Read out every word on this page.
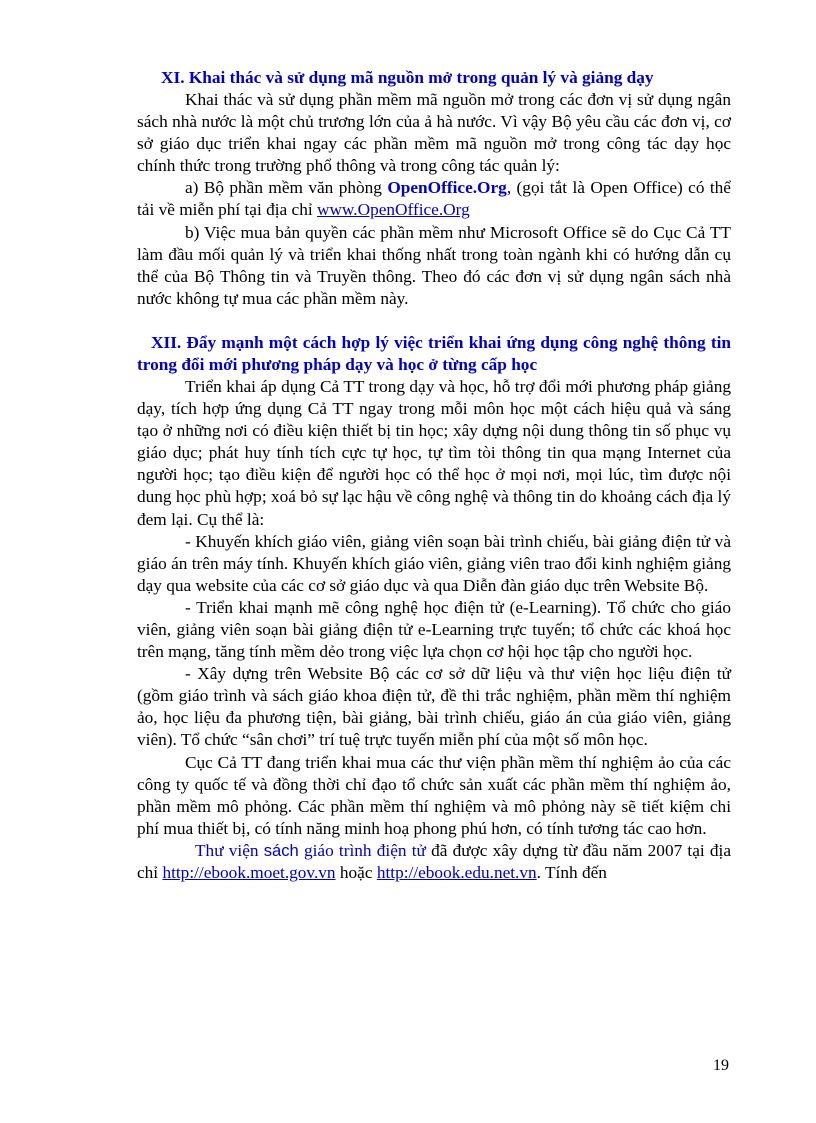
XI. Khai thác và sử dụng mã nguồn mở trong quản lý và giảng dạy

Khai thác và sử dụng phần mềm mã nguồn mở trong các đơn vị sử dụng ngân sách nhà nước là một chủ trương lớn của ả hà nước. Vì vậy Bộ yêu cầu các đơn vị, cơ sở giáo dục triển khai ngay các phần mềm mã nguồn mở trong công tác dạy học chính thức trong trường phổ thông và trong công tác quản lý:

a) Bộ phần mềm văn phòng OpenOffice.Org, (gọi tắt là Open Office) có thể tải về miễn phí tại địa chỉ www.OpenOffice.Org

b) Việc mua bản quyền các phần mềm như Microsoft Office sẽ do Cục Cả TT làm đầu mối quản lý và triển khai thống nhất trong toàn ngành khi có hướng dẫn cụ thể của Bộ Thông tin và Truyền thông. Theo đó các đơn vị sử dụng ngân sách nhà nước không tự mua các phần mềm này.

XII. Đẩy mạnh một cách hợp lý việc triển khai ứng dụng công nghệ thông tin trong đổi mới phương pháp dạy và học ở từng cấp học

Triển khai áp dụng Cả TT trong dạy và học, hỗ trợ đổi mới phương pháp giảng dạy, tích hợp ứng dụng Cả TT ngay trong mỗi môn học một cách hiệu quả và sáng tạo ở những nơi có điều kiện thiết bị tin học; xây dựng nội dung thông tin số phục vụ giáo dục; phát huy tính tích cực tự học, tự tìm tòi thông tin qua mạng Internet của người học; tạo điều kiện để người học có thể học ở mọi nơi, mọi lúc, tìm được nội dung học phù hợp; xoá bỏ sự lạc hậu về công nghệ và thông tin do khoảng cách địa lý đem lại. Cụ thể là:

- Khuyến khích giáo viên, giảng viên soạn bài trình chiếu, bài giảng điện tử và giáo án trên máy tính. Khuyến khích giáo viên, giảng viên trao đổi kinh nghiệm giảng dạy qua website của các cơ sở giáo dục và qua Diễn đàn giáo dục trên Website Bộ.

- Triển khai mạnh mẽ công nghệ học điện tử (e-Learning). Tổ chức cho giáo viên, giảng viên soạn bài giảng điện tử e-Learning trực tuyến; tổ chức các khoá học trên mạng, tăng tính mềm dẻo trong việc lựa chọn cơ hội học tập cho người học.

- Xây dựng trên Website Bộ các cơ sở dữ liệu và thư viện học liệu điện tử (gồm giáo trình và sách giáo khoa điện tử, đề thi trắc nghiệm, phần mềm thí nghiệm ảo, học liệu đa phương tiện, bài giảng, bài trình chiếu, giáo án của giáo viên, giảng viên). Tổ chức “sân chơi” trí tuệ trực tuyến miễn phí của một số môn học.

Cục Cả TT đang triển khai mua các thư viện phần mềm thí nghiệm ảo của các công ty quốc tế và đồng thời chỉ đạo tổ chức sản xuất các phần mềm thí nghiệm ảo, phần mềm mô phỏng. Các phần mềm thí nghiệm và mô phỏng này sẽ tiết kiệm chi phí mua thiết bị, có tính năng minh hoạ phong phú hơn, có tính tương tác cao hơn.

Thư viện sách giáo trình điện tử đã được xây dựng từ đầu năm 2007 tại địa chỉ http://ebook.moet.gov.vn hoặc http://ebook.edu.net.vn. Tính đến

19
